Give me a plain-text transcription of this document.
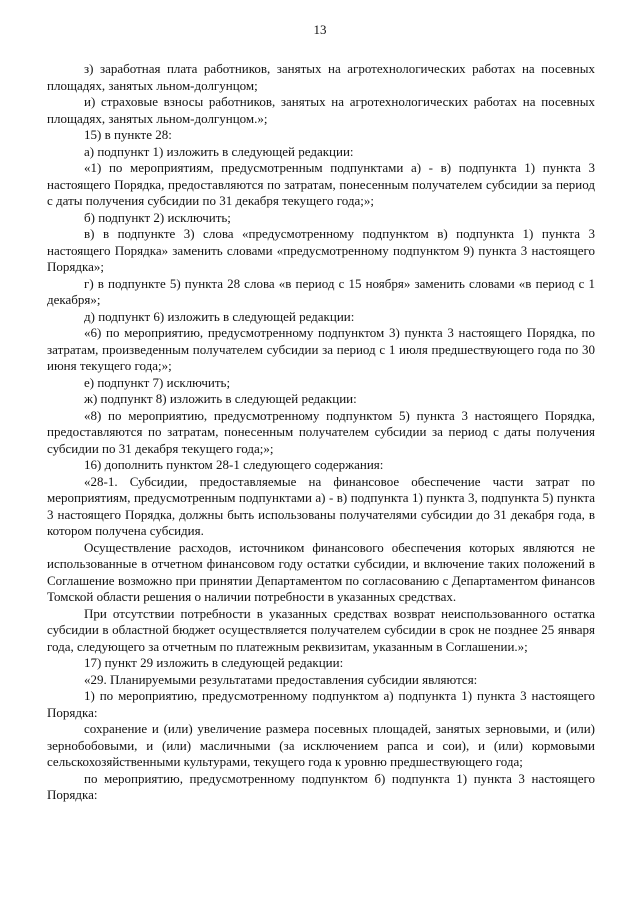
13

з) заработная плата работников, занятых на агротехнологических работах на посевных площадях, занятых льном-долгунцом;

и) страховые взносы работников, занятых на агротехнологических работах на посевных площадях, занятых льном-долгунцом.»;

15) в пункте 28:

а) подпункт 1) изложить в следующей редакции:

«1) по мероприятиям, предусмотренным подпунктами а) - в) подпункта 1) пункта 3 настоящего Порядка, предоставляются по затратам, понесенным получателем субсидии за период с даты получения субсидии по 31 декабря текущего года;»;

б) подпункт 2) исключить;

в) в подпункте 3) слова «предусмотренному подпунктом в) подпункта 1) пункта 3 настоящего Порядка» заменить словами «предусмотренному подпунктом 9) пункта 3 настоящего Порядка»;

г) в подпункте 5) пункта 28 слова «в период с 15 ноября» заменить словами «в период с 1 декабря»;

д) подпункт 6) изложить в следующей редакции:

«6) по мероприятию, предусмотренному подпунктом 3) пункта 3 настоящего Порядка, по затратам, произведенным получателем субсидии за период с 1 июля предшествующего года по 30 июня текущего года;»;

е) подпункт 7) исключить;

ж) подпункт 8) изложить в следующей редакции:

«8) по мероприятию, предусмотренному подпунктом 5) пункта 3 настоящего Порядка, предоставляются по затратам, понесенным получателем субсидии за период с даты получения субсидии по 31 декабря текущего года;»;

16) дополнить пунктом 28-1 следующего содержания:

«28-1. Субсидии, предоставляемые на финансовое обеспечение части затрат по мероприятиям, предусмотренным подпунктами а) - в) подпункта 1) пункта 3, подпункта 5) пункта 3 настоящего Порядка, должны быть использованы получателями субсидии до 31 декабря года, в котором получена субсидия.

Осуществление расходов, источником финансового обеспечения которых являются не использованные в отчетном финансовом году остатки субсидии, и включение таких положений в Соглашение возможно при принятии Департаментом по согласованию с Департаментом финансов Томской области решения о наличии потребности в указанных средствах.

При отсутствии потребности в указанных средствах возврат неиспользованного остатка субсидии в областной бюджет осуществляется получателем субсидии в срок не позднее 25 января года, следующего за отчетным по платежным реквизитам, указанным в Соглашении.»;

17) пункт 29 изложить в следующей редакции:

«29. Планируемыми результатами предоставления субсидии являются:

1) по мероприятию, предусмотренному подпунктом а) подпункта 1) пункта 3 настоящего Порядка:

сохранение и (или) увеличение размера посевных площадей, занятых зерновыми, и (или) зернобобовыми, и (или) масличными (за исключением рапса и сои), и (или) кормовыми сельскохозяйственными культурами, текущего года к уровню предшествующего года;

по мероприятию, предусмотренному подпунктом б) подпункта 1) пункта 3 настоящего Порядка:
